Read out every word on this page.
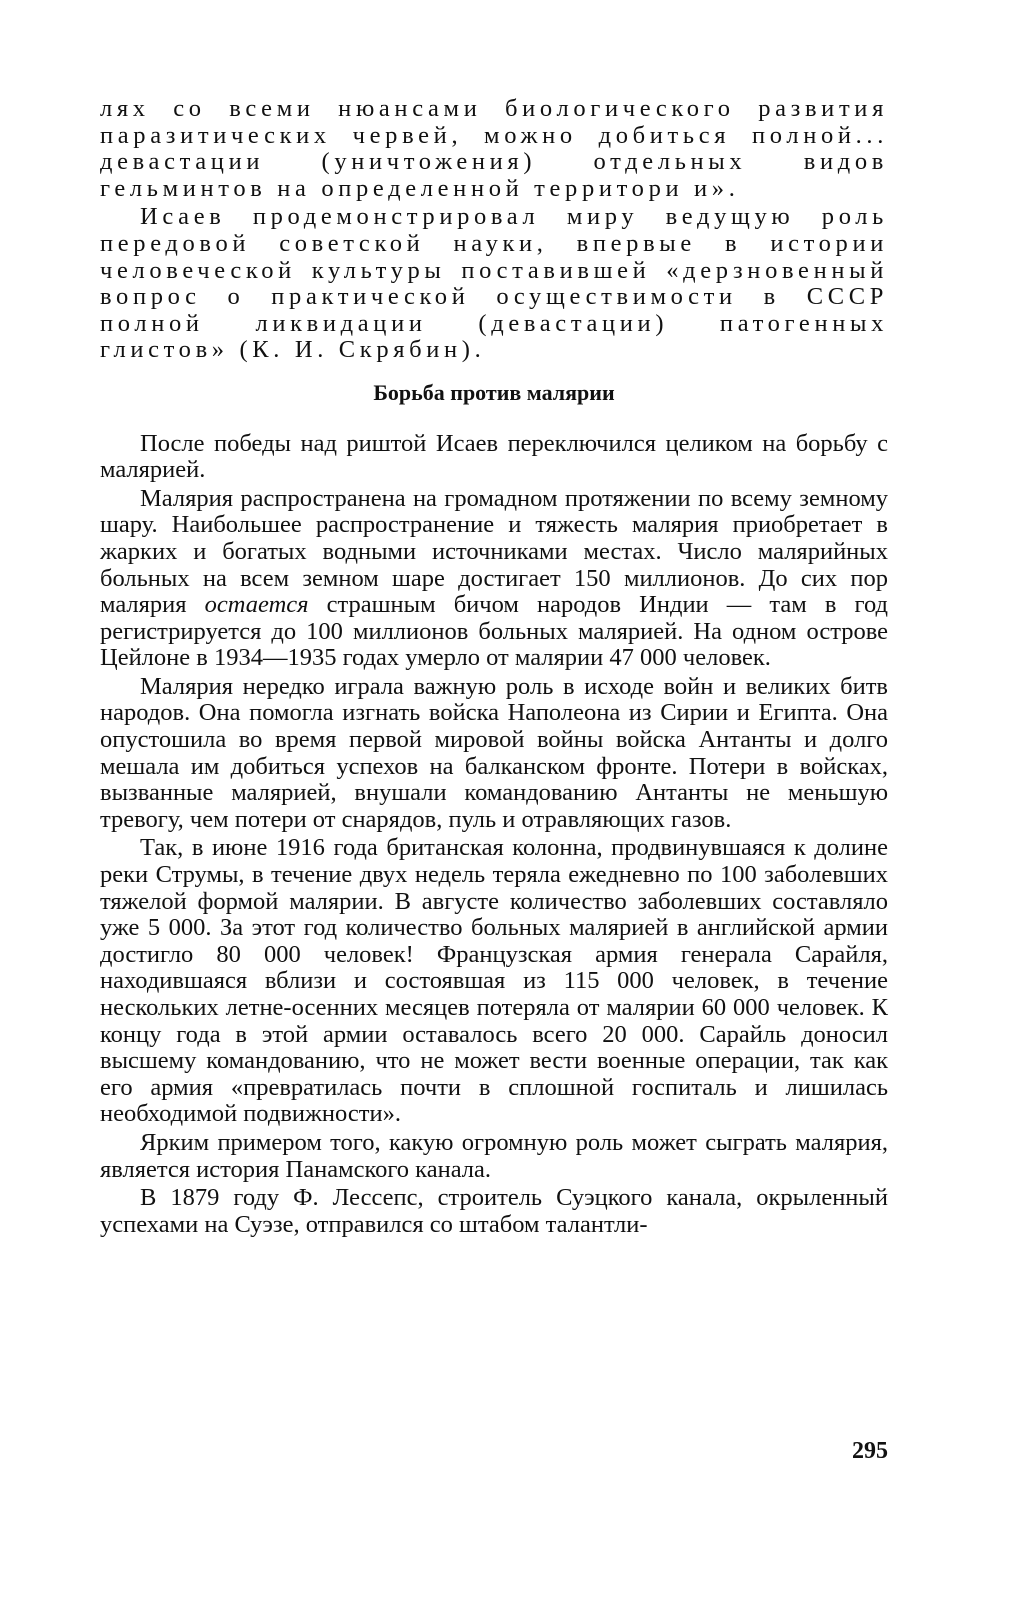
лях со всеми нюансами биологического развития паразитических червей, можно добиться полной... девастации (уничтожения) отдельных видов гельминтов на определенной территори и».

Исаев продемонстрировал миру ведущую роль передовой советской науки, впервые в истории человеческой культуры поставившей «дерзновенный вопрос о практической осуществимости в СССР полной ликвидации (девастации) патогенных глистов» (К. И. Скрябин).

Борьба против малярии

После победы над риштой Исаев переключился целиком на борьбу с малярией.

Малярия распространена на громадном протяжении по всему земному шару. Наибольшее распространение и тяжесть малярия приобретает в жарких и богатых водными источниками местах. Число малярийных больных на всем земном шаре достигает 150 миллионов. До сих пор малярия остается страшным бичом народов Индии — там в год регистрируется до 100 миллионов больных малярией. На одном острове Цейлоне в 1934—1935 годах умерло от малярии 47 000 человек.

Малярия нередко играла важную роль в исходе войн и великих битв народов. Она помогла изгнать войска Наполеона из Сирии и Египта. Она опустошила во время первой мировой войны войска Антанты и долго мешала им добиться успехов на балканском фронте. Потери в войсках, вызванные малярией, внушали командованию Антанты не меньшую тревогу, чем потери от снарядов, пуль и отравляющих газов.

Так, в июне 1916 года британская колонна, продвинувшаяся к долине реки Струмы, в течение двух недель теряла ежедневно по 100 заболевших тяжелой формой малярии. В августе количество заболевших составляло уже 5 000. За этот год количество больных малярией в английской армии достигло 80 000 человек! Французская армия генерала Сарайля, находившаяся вблизи и состоявшая из 115 000 человек, в течение нескольких летне-осенних месяцев потеряла от малярии 60 000 человек. К концу года в этой армии оставалось всего 20 000. Сарайль доносил высшему командованию, что не может вести военные операции, так как его армия «превратилась почти в сплошной госпиталь и лишилась необходимой подвижности».

Ярким примером того, какую огромную роль может сыграть малярия, является история Панамского канала.

В 1879 году Ф. Лессепс, строитель Суэцкого канала, окрыленный успехами на Суэзе, отправился со штабом талантли-

295
